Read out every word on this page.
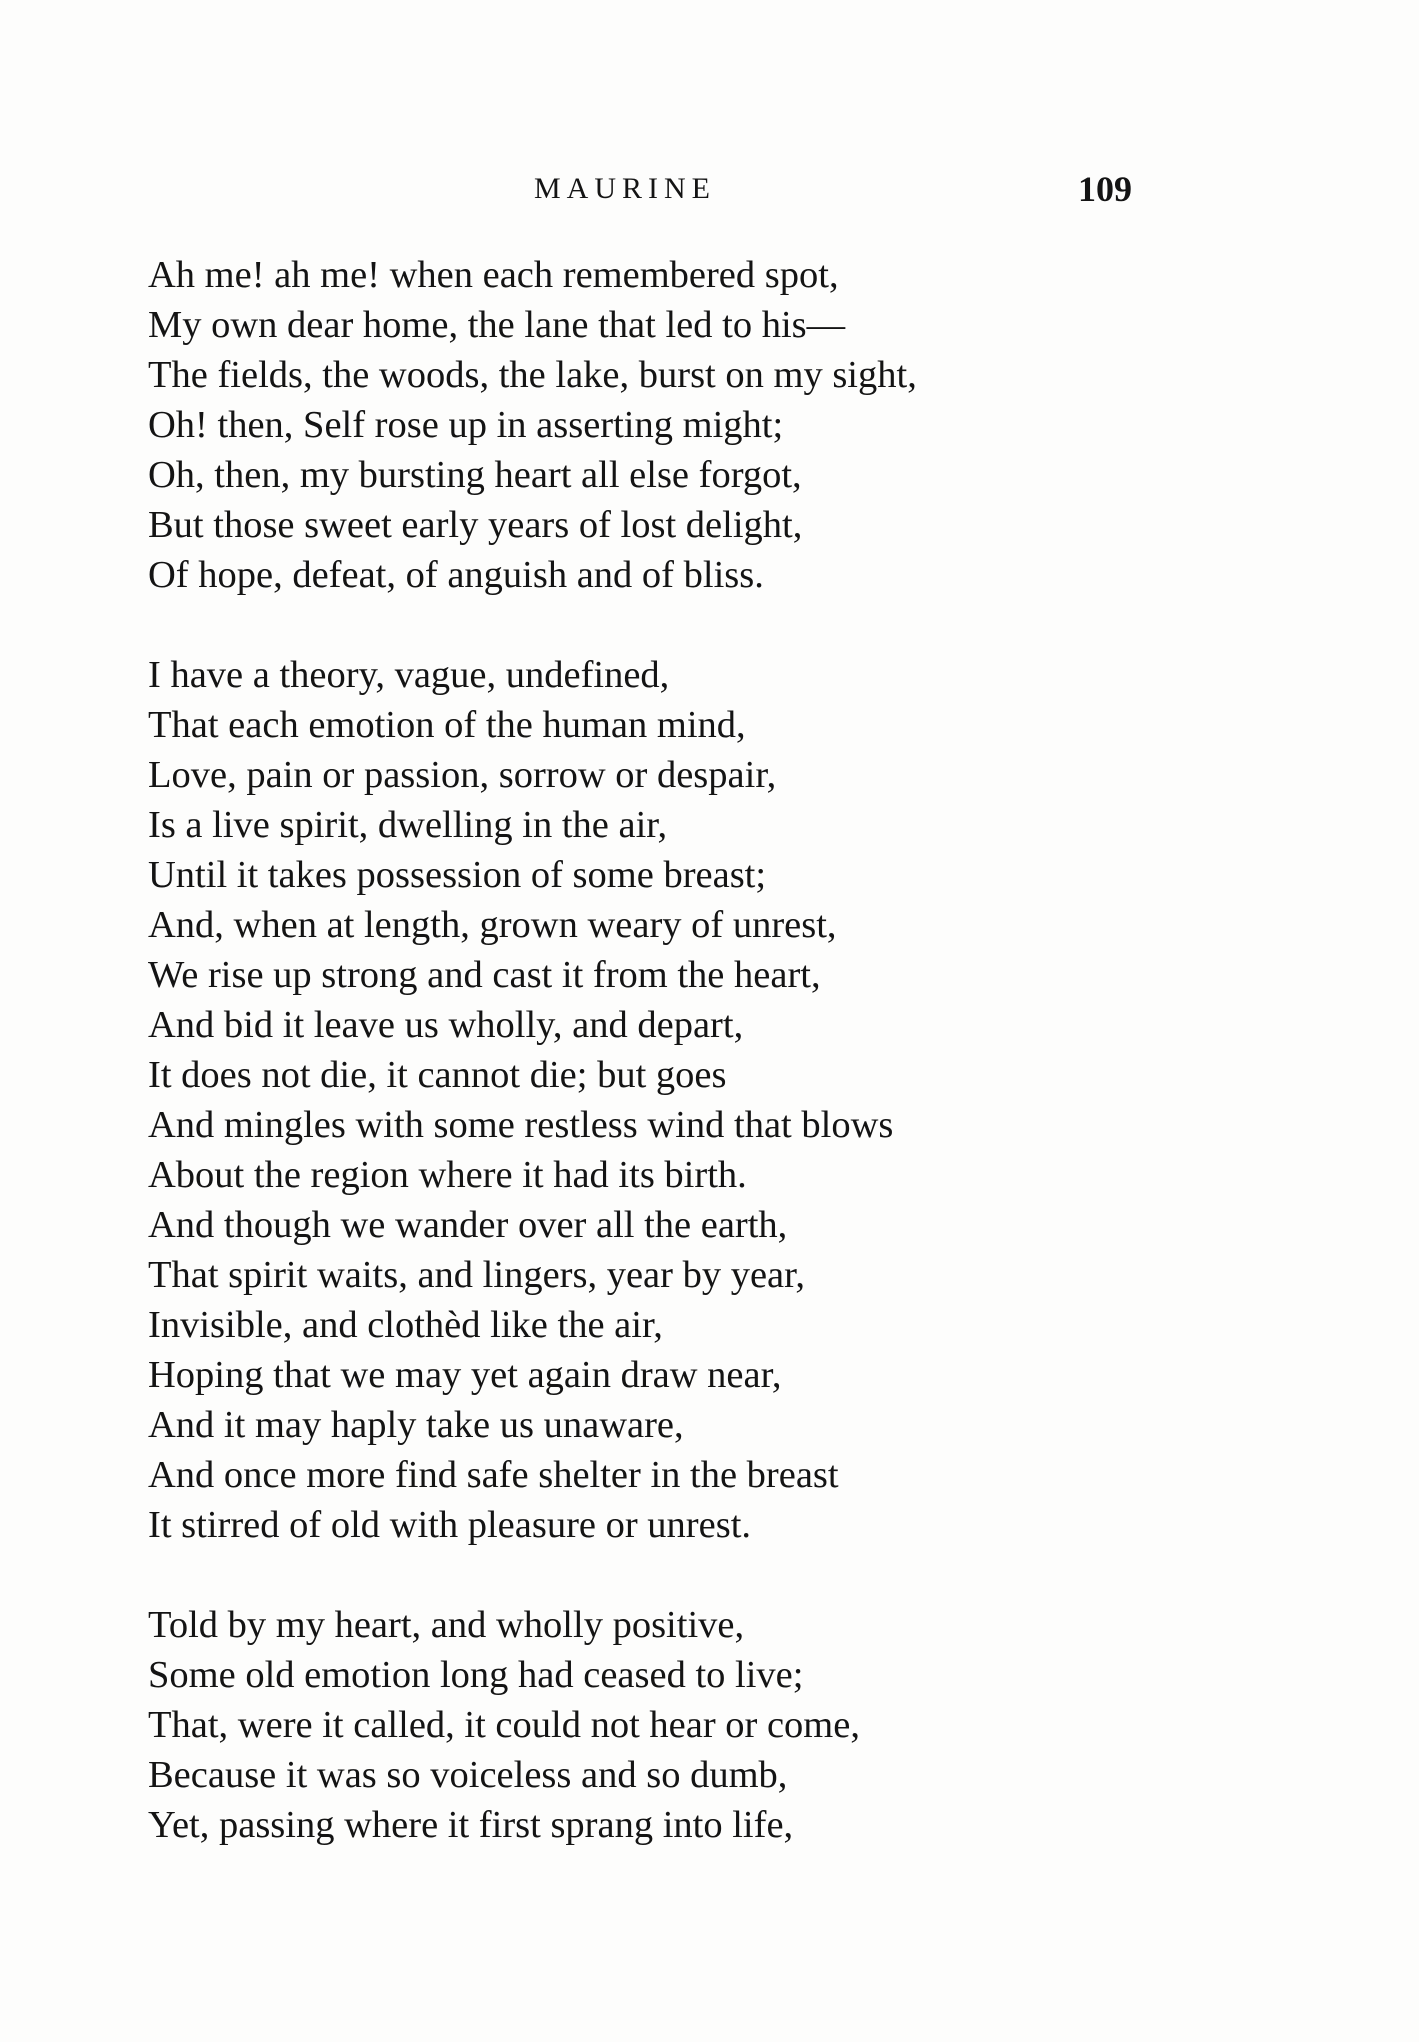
MAURINE	109
Ah me! ah me! when each remembered spot,
My own dear home, the lane that led to his—
The fields, the woods, the lake, burst on my sight,
Oh! then, Self rose up in asserting might;
Oh, then, my bursting heart all else forgot,
But those sweet early years of lost delight,
Of hope, defeat, of anguish and of bliss.
I have a theory, vague, undefined,
That each emotion of the human mind,
Love, pain or passion, sorrow or despair,
Is a live spirit, dwelling in the air,
Until it takes possession of some breast;
And, when at length, grown weary of unrest,
We rise up strong and cast it from the heart,
And bid it leave us wholly, and depart,
It does not die, it cannot die; but goes
And mingles with some restless wind that blows
About the region where it had its birth.
And though we wander over all the earth,
That spirit waits, and lingers, year by year,
Invisible, and clothèd like the air,
Hoping that we may yet again draw near,
And it may haply take us unaware,
And once more find safe shelter in the breast
It stirred of old with pleasure or unrest.
Told by my heart, and wholly positive,
Some old emotion long had ceased to live;
That, were it called, it could not hear or come,
Because it was so voiceless and so dumb,
Yet, passing where it first sprang into life,
